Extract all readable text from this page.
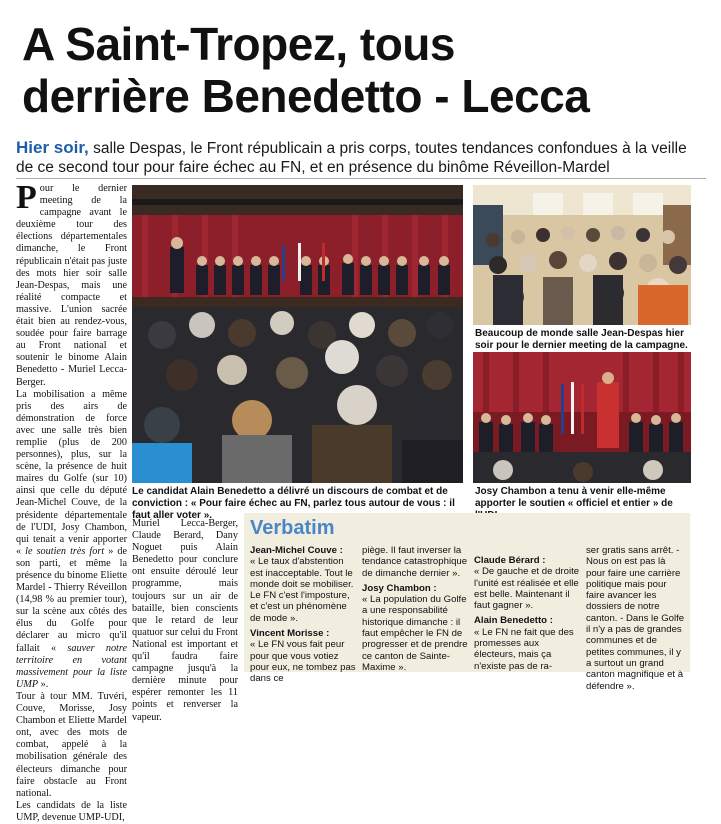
A Saint-Tropez, tous
derrière Benedetto - Lecca
Hier soir, salle Despas, le Front républicain a pris corps, toutes tendances confondues à la veille de ce second tour pour faire échec au FN, et en présence du binôme Réveillon-Mardel

Pour le dernier meeting de la campagne avant le deuxième tour des élections départementales dimanche, le Front républicain n'était pas juste des mots hier soir salle Jean-Despas, mais une réalité compacte et massive. L'union sacrée était bien au rendez-vous, soudée pour faire barrage au Front national et soutenir le binome Alain Benedetto - Muriel Lecca-Berger.

La mobilisation a même pris des airs de démonstration de force avec une salle très bien remplie (plus de 200 personnes), plus, sur la scène, la présence de huit maires du Golfe (sur 10) ainsi que celle du député Jean-Michel Couve, de la présidente départementale de l'UDI, Josy Chambon, qui tenait a venir apporter « le soutien très fort » de son parti, et même la présence du binome Eliette Mardel - Thierry Réveillon (14,98 % au premier tour), sur la scène aux côtés des élus du Golfe pour déclarer au micro qu'il fallait « sauver notre territoire en votant massivement pour la liste UMP ».

Tour à tour MM. Tuvéri, Couve, Morisse, Josy Chambon et Eliette Mardel ont, avec des mots de combat, appelé à la mobilisation générale des électeurs dimanche pour faire obstacle au Front national.

Les candidats de la liste UMP, devenue UMP-UDI,

Muriel Lecca-Berger, Claude Berard, Dany Noguet puis Alain Benedetto pour conclure ont ensuite déroulé leur programme, mais toujours sur un air de bataille, bien conscients que le retard de leur quatuor sur celui du Front National est important et qu'il faudra faire campagne jusqu'à la dernière minute pour espérer remonter les 11 points et renverser la vapeur.

Le candidat Alain Benedetto a délivré un discours de combat et de conviction : « Pour faire échec au FN, parlez tous autour de vous : il faut aller voter ».
Beaucoup de monde salle Jean-Despas hier soir pour le dernier meeting de la campagne.
Josy Chambon a tenu à venir elle-même apporter le soutien « officiel et entier » de
Verbatim
Jean-Michel Couve :
« Le taux d'abstention est inacceptable. Tout le monde doit se mobiliser. Le FN c'est l'imposture, et c'est un phénomène de mode ».
Vincent Morisse :
« Le FN vous fait peur pour que vous votiez pour eux, ne tombez pas dans ce
piège. Il faut inverser la tendance catastrophique de dimanche dernier ».
Josy Chambon :
« La population du Golfe a une responsabilité historique dimanche : il faut empêcher le FN de progresser et de prendre ce canton de Sainte-Maxime ».
Claude Bérard :
« De gauche et de droite l'unité est réalisée et elle est belle. Maintenant il faut gagner ».
Alain Benedetto :
« Le FN ne fait que des promesses aux électeurs, mais ça n'existe pas de ra-
ser gratis sans arrêt. - Nous on est pas là pour faire une carrière politique mais pour faire avancer les dossiers de notre canton. - Dans le Golfe il n'y a pas de grandes communes et de petites communes, il y a surtout un grand canton magnifique et à défendre ».
